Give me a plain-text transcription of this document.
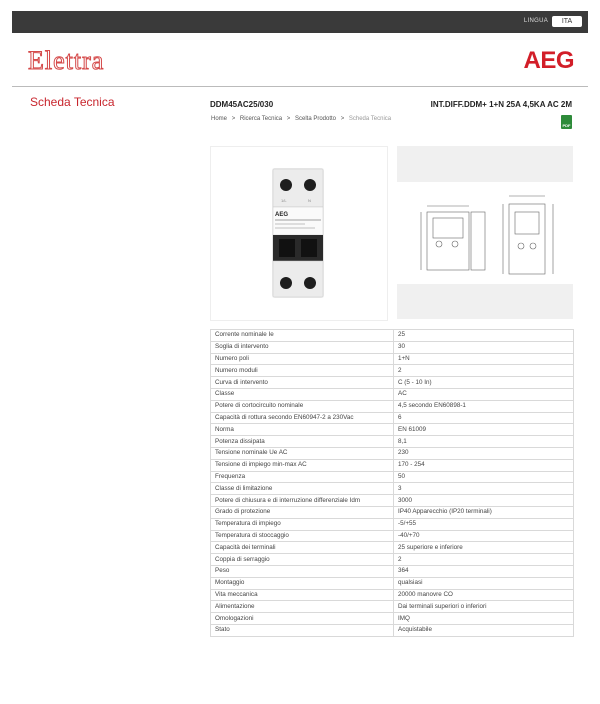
LINGUA	ITA
Elettra	AEG
Scheda Tecnica	DDM45AC25/030	INT.DIFF.DDM+ 1+N 25A 4,5KA AC 2M
Home > Ricerca Tecnica > Scelta Prodotto > Scheda Tecnica
PDF
1/L	N
AEG
Corrente nominale Ie	25
Soglia di intervento	30
Numero poli	1+N
Numero moduli	2
Curva di intervento	C (5 - 10 In)
Classe	AC
Potere di cortocircuito nominale	4,5 secondo EN60898-1
Capacità di rottura secondo EN60947-2 a 230Vac	6
Norma	EN 61009
Potenza dissipata	8,1
Tensione nominale Ue AC	230
Tensione di impiego min-max AC	170 - 254
Frequenza	50
Classe di limitazione	3
Potere di chiusura e di interruzione differenziale Idm	3000
Grado di protezione	IP40 Apparecchio (IP20 terminali)
Temperatura di impiego	-5/+55
Temperatura di stoccaggio	-40/+70
Capacità dei terminali	25 superiore e inferiore
Coppia di serraggio	2
Peso	364
Montaggio	qualsiasi
Vita meccanica	20000 manovre CO
Alimentazione	Dai terminali superiori o inferiori
Omologazioni	IMQ
Stato	Acquistabile
